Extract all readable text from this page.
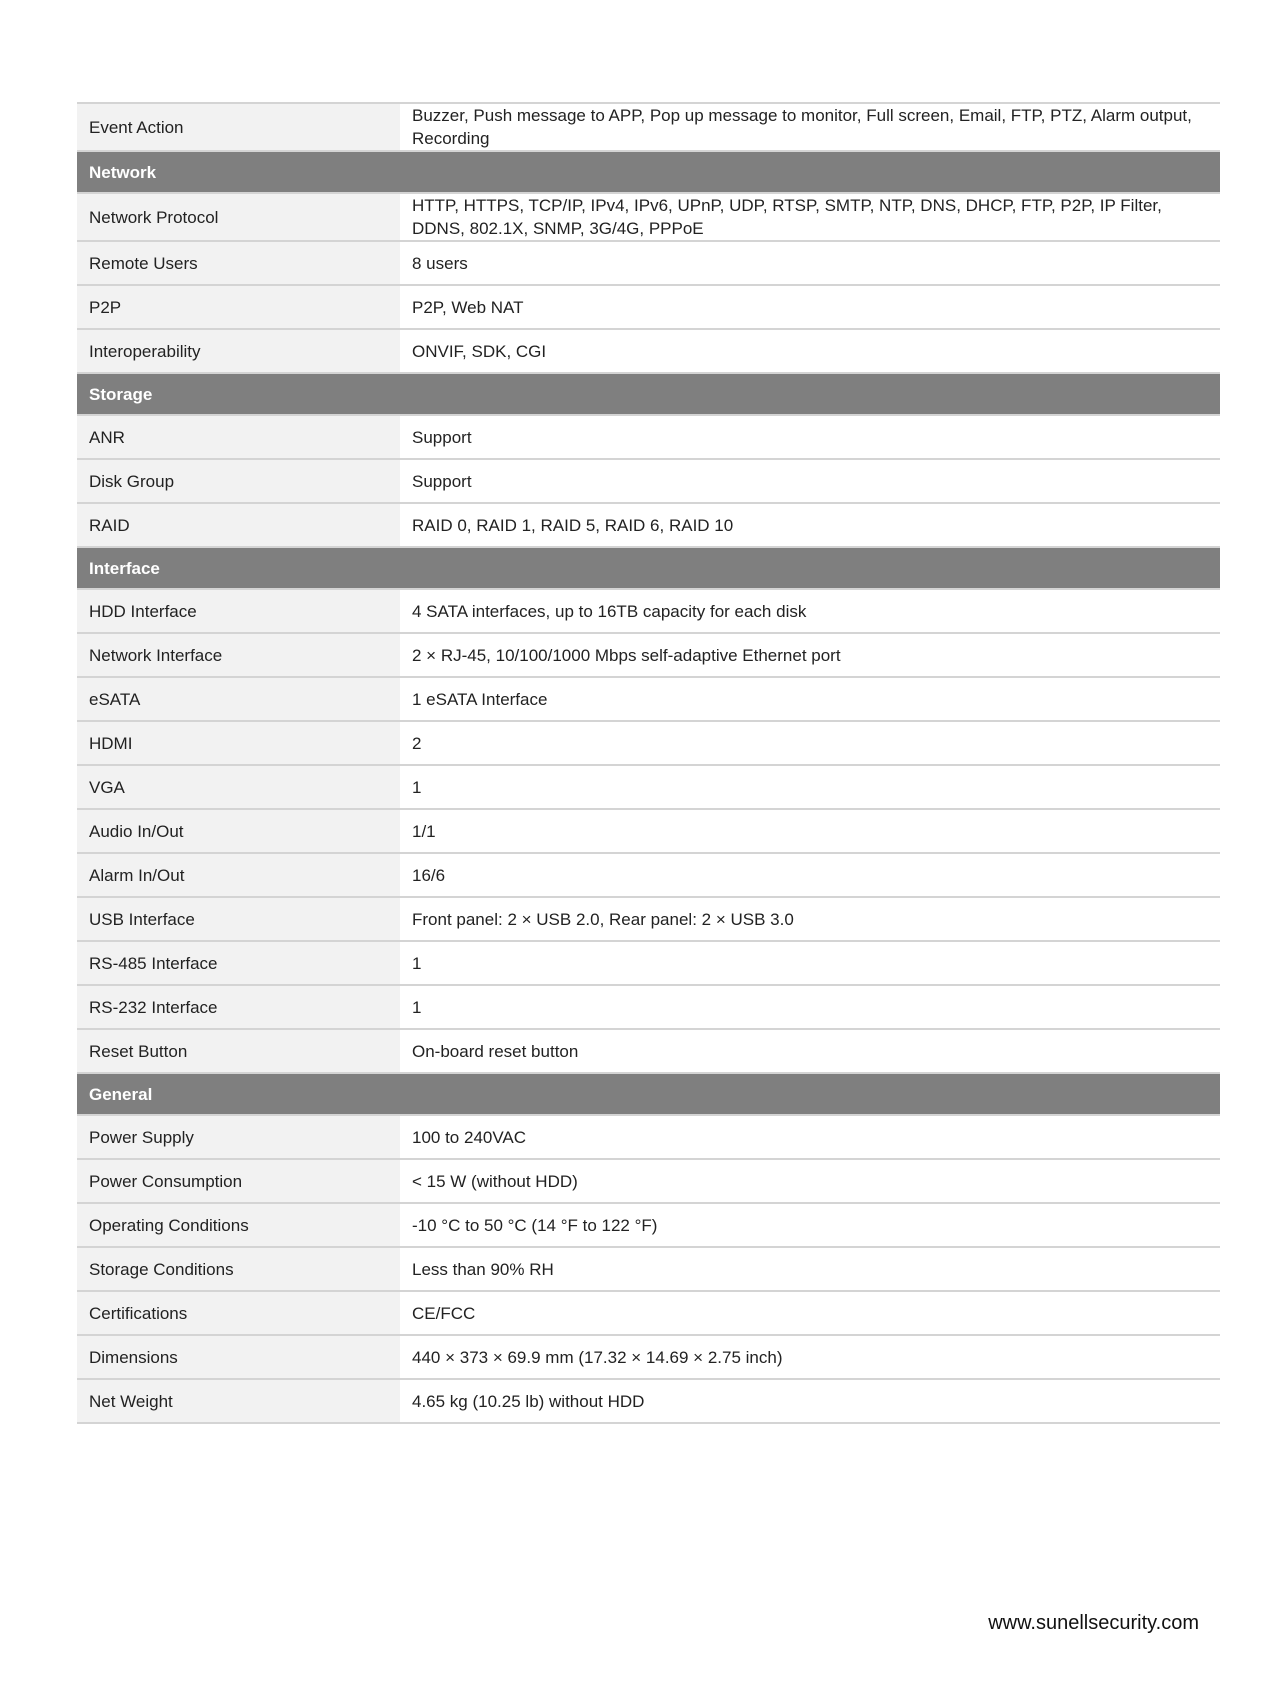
Event Action	Buzzer, Push message to APP, Pop up message to monitor, Full screen, Email, FTP, PTZ, Alarm output, Recording
Network	
Network Protocol	HTTP, HTTPS, TCP/IP, IPv4, IPv6, UPnP, UDP, RTSP, SMTP, NTP, DNS, DHCP, FTP, P2P, IP Filter, DDNS, 802.1X, SNMP, 3G/4G, PPPoE
Remote Users	8 users
P2P	P2P, Web NAT
Interoperability	ONVIF, SDK, CGI
Storage	
ANR	Support
Disk Group	Support
RAID	RAID 0, RAID 1, RAID 5, RAID 6, RAID 10
Interface	
HDD Interface	4 SATA interfaces, up to 16TB capacity for each disk
Network Interface	2 × RJ-45, 10/100/1000 Mbps self-adaptive Ethernet port
eSATA	1 eSATA Interface
HDMI	2
VGA	1
Audio In/Out	1/1
Alarm In/Out	16/6
USB Interface	Front panel: 2 × USB 2.0, Rear panel: 2 × USB 3.0
RS-485 Interface	1
RS-232 Interface	1
Reset Button	On-board reset button
General	
Power Supply	100 to 240VAC
Power Consumption	< 15 W (without HDD)
Operating Conditions	-10 °C to 50 °C (14 °F to 122 °F)
Storage Conditions	Less than 90% RH
Certifications	CE/FCC
Dimensions	440 × 373 × 69.9 mm (17.32 × 14.69 × 2.75 inch)
Net Weight	4.65 kg (10.25 lb) without HDD
www.sunellsecurity.com
